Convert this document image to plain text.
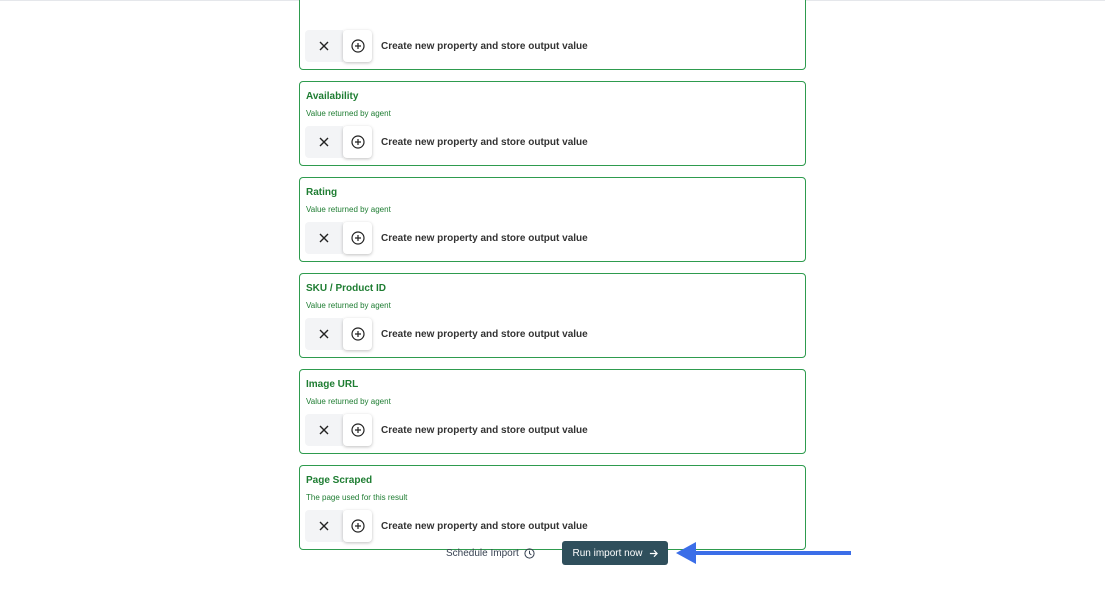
Create new property and store output value
Availability
Value returned by agent
Create new property and store output value
Rating
Value returned by agent
Create new property and store output value
SKU / Product ID
Value returned by agent
Create new property and store output value
Image URL
Value returned by agent
Create new property and store output value
Page Scraped
The page used for this result
Create new property and store output value
Schedule Import	Run import now
